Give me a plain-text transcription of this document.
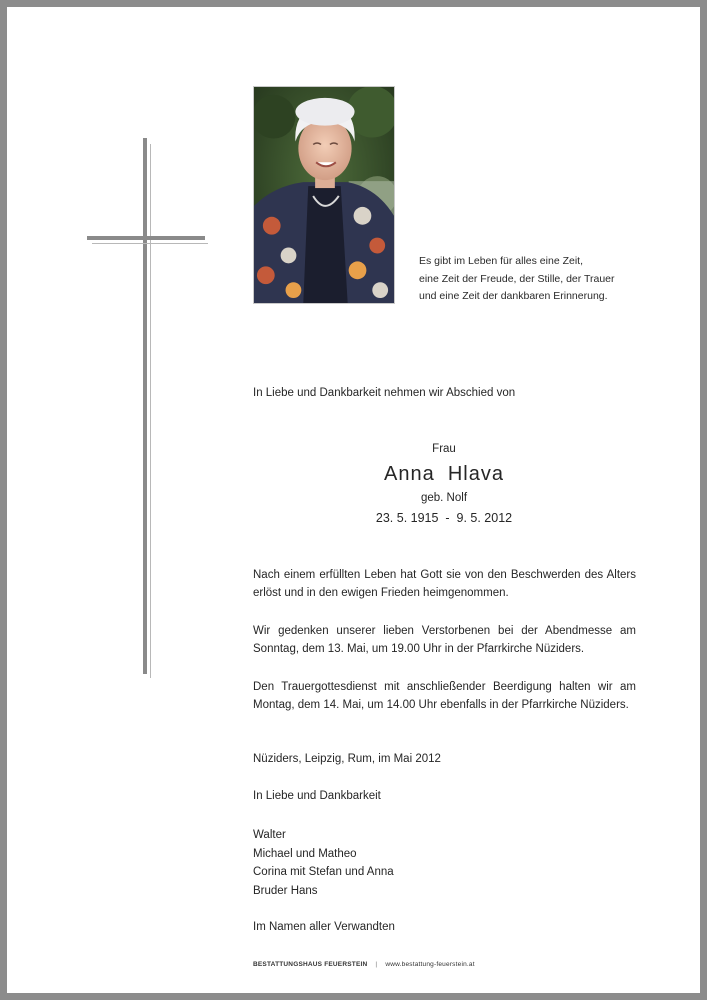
Es gibt im Leben für alles eine Zeit,
eine Zeit der Freude, der Stille, der Trauer
und eine Zeit der dankbaren Erinnerung.
In Liebe und Dankbarkeit nehmen wir Abschied von
Frau
Anna  Hlava
geb. Nolf
23. 5. 1915  -  9. 5. 2012
Nach einem erfüllten Leben hat Gott sie von den Beschwerden des Alters erlöst und in den ewigen Frieden heimgenommen.
Wir gedenken unserer lieben Verstorbenen bei der Abendmesse am Sonntag, dem 13. Mai, um 19.00 Uhr in der Pfarrkirche Nüziders.
Den Trauergottesdienst mit anschließender Beerdigung halten wir am Montag, dem 14. Mai, um 14.00 Uhr ebenfalls in der Pfarrkirche Nüziders.
Nüziders, Leipzig, Rum, im Mai 2012
In Liebe und Dankbarkeit
Walter
Michael und Matheo
Corina mit Stefan und Anna
Bruder Hans
Im Namen aller Verwandten
BESTATTUNGSHAUS FEUERSTEIN | www.bestattung-feuerstein.at
